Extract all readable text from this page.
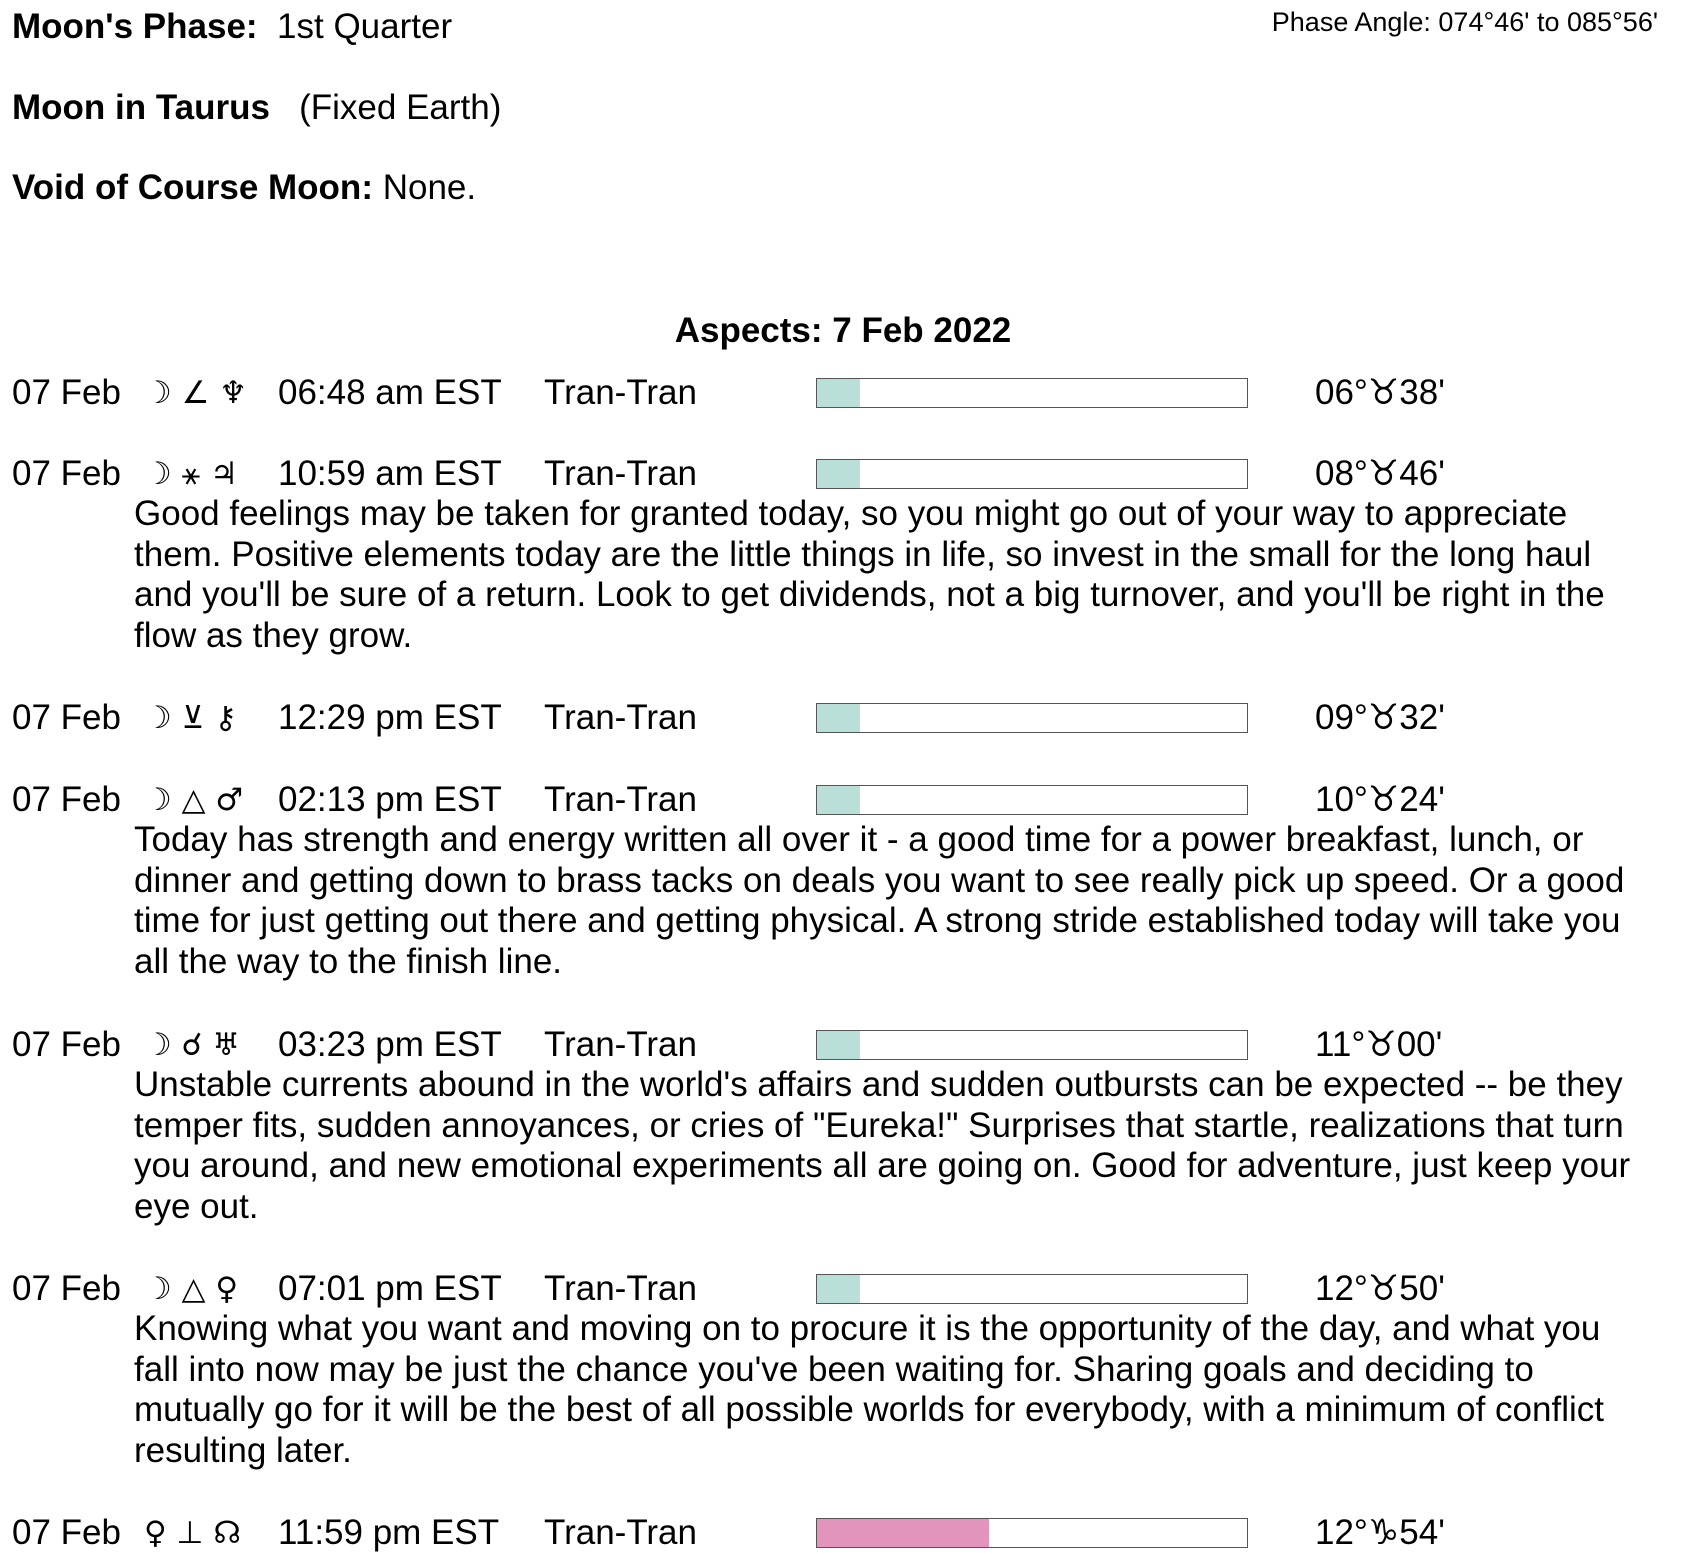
Moon's Phase: 1st Quarter	Phase Angle: 074°46' to 085°56'
Moon in Taurus (Fixed Earth)
Void of Course Moon: None.
Aspects: 7 Feb 2022
07 Feb ☽ ∠ ♆ 06:48 am EST Tran-Tran	06°♉38'
07 Feb ☽ ⚹ ♃ 10:59 am EST Tran-Tran	08°♉46'

Good feelings may be taken for granted today, so you might go out of your way to appreciate them. Positive elements today are the little things in life, so invest in the small for the long haul and you'll be sure of a return. Look to get dividends, not a big turnover, and you'll be right in the flow as they grow.

07 Feb ☽ ⊻ ⚷ 12:29 pm EST Tran-Tran	09°♉32'
07 Feb ☽ △ ♂ 02:13 pm EST Tran-Tran	10°♉24'

Today has strength and energy written all over it - a good time for a power breakfast, lunch, or dinner and getting down to brass tacks on deals you want to see really pick up speed. Or a good time for just getting out there and getting physical. A strong stride established today will take you all the way to the finish line.

07 Feb ☽ ☌ ♅ 03:23 pm EST Tran-Tran	11°♉00'

Unstable currents abound in the world's affairs and sudden outbursts can be expected -- be they temper fits, sudden annoyances, or cries of "Eureka!" Surprises that startle, realizations that turn you around, and new emotional experiments all are going on. Good for adventure, just keep your eye out.

07 Feb ☽ △ ♀ 07:01 pm EST Tran-Tran	12°♉50'

Knowing what you want and moving on to procure it is the opportunity of the day, and what you fall into now may be just the chance you've been waiting for. Sharing goals and deciding to mutually go for it will be the best of all possible worlds for everybody, with a minimum of conflict resulting later.

07 Feb ♀ ⊥ ☊ 11:59 pm EST Tran-Tran	12°♑54'
